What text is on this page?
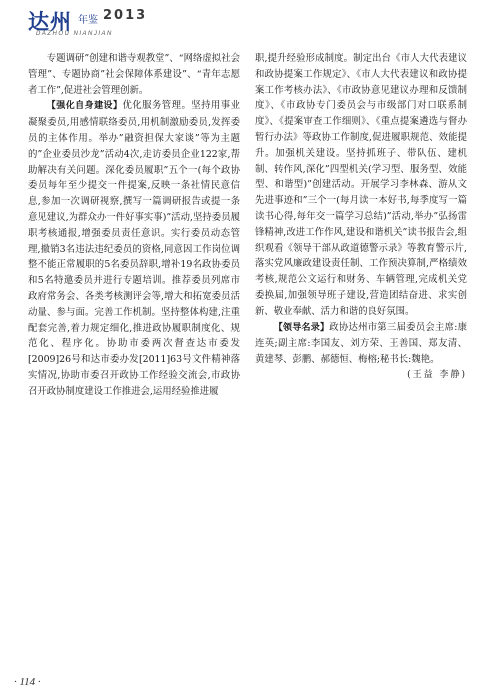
达州 年鉴 2013
DAZHOU NIANJIAN

专题调研”创建和谐寺观教堂”、“网络虚拟社会管理”、专题协商”社会保障体系建设”、“青年志愿者工作”,促进社会管理创新。

【强化自身建设】优化服务管理。坚持用事业凝聚委员,用感情联络委员,用机制激励委员,发挥委员的主体作用。举办”融资担保大家谈”等为主题的”企业委员沙龙”活动4次,走访委员企业122家,帮助解决有关问题。深化委员履职”五个一(每个政协委员每年至少提交一件提案,反映一条社情民意信息,参加一次调研视察,撰写一篇调研报告或提一条意见建议,为群众办一件好事实事)”活动,坚持委员履职考核通报,增强委员责任意识。实行委员动态管理,撤销3名违法违纪委员的资格,同意因工作岗位调整不能正常履职的5名委员辞职,增补19名政协委员和5名特邀委员并进行专题培训。推荐委员列席市政府常务会、各类考核测评会等,增大和拓宽委员活动量、参与面。完善工作机制。坚持整体构建,注重配套完善,着力规定细化,推进政协履职制度化、规范化、程序化。协助市委两次督查达市委发[2009]26号和达市委办发[2011]63号文件精神落实情况,协助市委召开政协工作经验交流会,市政协召开政协制度建设工作推进会,运用经验推进履

职,提升经验形成制度。制定出台《市人大代表建议和政协提案工作规定》、《市人大代表建议和政协提案工作考核办法》、《市政协意见建议办理和反馈制度》、《市政协专门委员会与市级部门对口联系制度》、《提案审查工作细则》、《重点提案遴选与督办暂行办法》等政协工作制度,促进履职规范、效能提升。加强机关建设。坚持抓班子、带队伍、建机制、转作风,深化”四型机关(学习型、服务型、效能型、和谐型)”创建活动。开展学习李林森、游从文先进事迹和”三个一(每月读一本好书,每季度写一篇读书心得,每年交一篇学习总结)”活动,举办”弘扬雷锋精神,改进工作作风,建设和谐机关”读书报告会,组织观看《领导干部从政道德警示录》等教育警示片,落实党风廉政建设责任制、工作预决算制,严格绩效考核,规范公文运行和财务、车辆管理,完成机关党委换届,加强领导班子建设,营造团结奋进、求实创新、敬业奉献、活力和谐的良好氛围。

【领导名录】政协达州市第三届委员会主席:康连英;副主席:李国友、刘方荣、王善国、郑友清、黄建琴、彭鹏、郝德恒、梅榕;秘书长:魏艳。

(王益 李静)

· 114 ·
